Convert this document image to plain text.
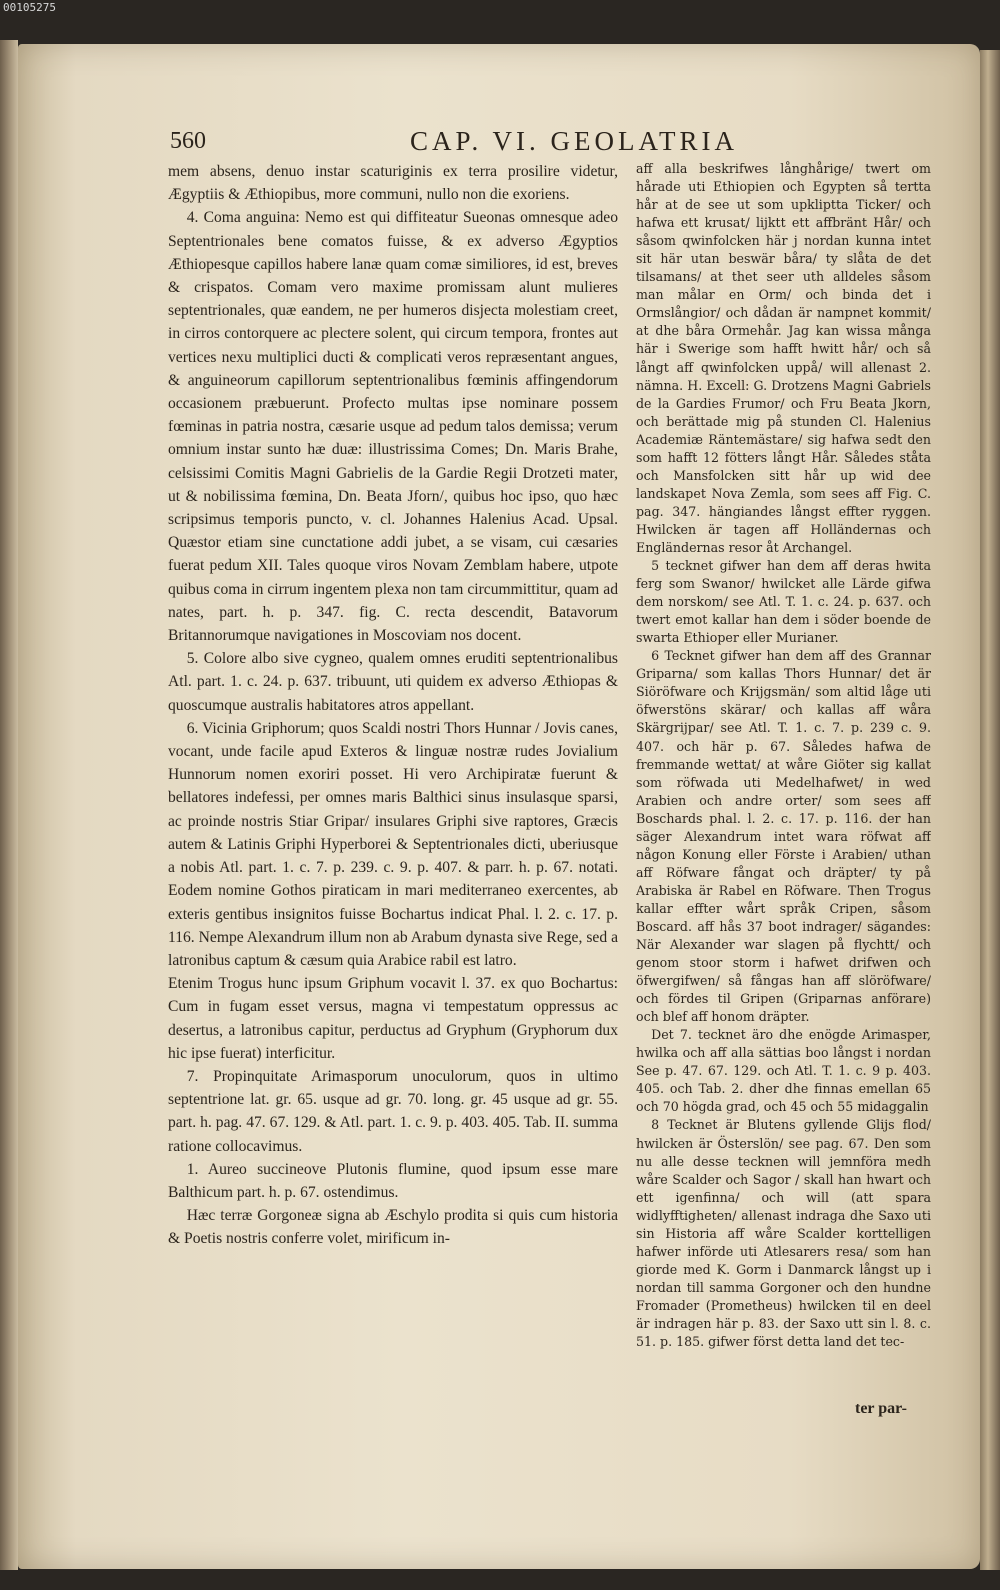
00105275
560	CAP. VI. GEOLATRIA

mem absens, denuo instar scaturiginis ex terra prosilire videtur, Ægyptiis & Æthiopibus, more communi, nullo non die exoriens.

4. Coma anguina: Nemo est qui diffiteatur Sueonas omnesque adeo Septentrionales bene comatos fuisse, & ex adverso Ægyptios Æthiopesque capillos habere lanæ quam comæ similiores, id est, breves & crispatos. Comam vero maxime promissam alunt mulieres septentrionales, quæ eandem, ne per humeros disjecta molestiam creet, in cirros contorquere ac plectere solent, qui circum tempora, frontes aut vertices nexu multiplici ducti & complicati veros repræsentant angues, & anguineorum capillorum septentrionalibus fœminis affingendorum occasionem præbuerunt. Profecto multas ipse nominare possem fœminas in patria nostra, cæsarie usque ad pedum talos demissa; verum omnium instar sunto hæ duæ: illustrissima Comes; Dn. Maris Brahe, celsissimi Comitis Magni Gabrielis de la Gardie Regii Drotzeti mater, ut & nobilissima fœmina, Dn. Beata Jforn/, quibus hoc ipso, quo hæc scripsimus temporis puncto, v. cl. Johannes Halenius Acad. Upsal. Quæstor etiam sine cunctatione addi jubet, a se visam, cui cæsaries fuerat pedum XII. Tales quoque viros Novam Zemblam habere, utpote quibus coma in cirrum ingentem plexa non tam circummittitur, quam ad nates, part. h. p. 347. fig. C. recta descendit, Batavorum Britannorumque navigationes in Moscoviam nos docent.

5. Colore albo sive cygneo, qualem omnes eruditi septentrionalibus Atl. part. 1. c. 24. p. 637. tribuunt, uti quidem ex adverso Æthiopas & quoscumque australis habitatores atros appellant.

6. Vicinia Griphorum; quos Scaldi nostri Thors Hunnar / Jovis canes, vocant, unde facile apud Exteros & linguæ nostræ rudes Jovialium Hunnorum nomen exoriri posset. Hi vero Archipiratæ fuerunt & bellatores indefessi, per omnes maris Balthici sinus insulasque sparsi, ac proinde nostris Stiar Gripar/ insulares Griphi sive raptores, Græcis autem & Latinis Griphi Hyperborei & Septentrionales dicti, uberiusque a nobis Atl. part. 1. c. 7. p. 239. c. 9. p. 407. & parr. h. p. 67. notati. Eodem nomine Gothos piraticam in mari mediterraneo exercentes, ab exteris gentibus insignitos fuisse Bochartus indicat Phal. l. 2. c. 17. p. 116. Nempe Alexandrum illum non ab Arabum dynasta sive Rege, sed a latronibus captum & cæsum quia Arabice rabil est latro.

Etenim Trogus hunc ipsum Griphum vocavit l. 37. ex quo Bochartus: Cum in fugam esset versus, magna vi tempestatum oppressus ac desertus, a latronibus capitur, perductus ad Gryphum (Gryphorum dux hic ipse fuerat) interficitur.

7. Propinquitate Arimasporum unoculorum, quos in ultimo septentrione lat. gr. 65. usque ad gr. 70. long. gr. 45 usque ad gr. 55. part. h. pag. 47. 67. 129. & Atl. part. 1. c. 9. p. 403. 405. Tab. II. summa ratione collocavimus.

1. Aureo succineove Plutonis flumine, quod ipsum esse mare Balthicum part. h. p. 67. ostendimus.

Hæc terræ Gorgoneæ signa ab Æschylo prodita si quis cum historia & Poetis nostris conferre volet, mirificum in-

aff alla beskrifwes långhårige/ twert om hårade uti Ethiopien och Egypten så tertta hår at de see ut som upkliptta Ticker/ och hafwa ett krusat/ lijktt ett affbränt Hår/ och såsom qwinfolcken här j nordan kunna intet sit här utan beswär båra/ ty slåta de det tilsamans/ at thet seer uth alldeles såsom man målar en Orm/ och binda det i Ormslångior/ och dådan är nampnet kommit/ at dhe båra Ormehår. Jag kan wissa många här i Swerige som hafft hwitt hår/ och så långt aff qwinfolcken uppå/ will allenast 2. nämna. H. Excell: G. Drotzens Magni Gabriels de la Gardies Frumor/ och Fru Beata Jkorn, och berättade mig på stunden Cl. Halenius Academiæ Räntemästare/ sig hafwa sedt den som hafft 12 fötters långt Hår. Således ståta och Mansfolcken sitt hår up wid dee landskapet Nova Zemla, som sees aff Fig. C. pag. 347. hängiandes långst effter ryggen. Hwilcken är tagen aff Holländernas och Engländernas resor åt Archangel.

5 tecknet gifwer han dem aff deras hwita ferg som Swanor/ hwilcket alle Lärde gifwa dem norskom/ see Atl. T. 1. c. 24. p. 637. och twert emot kallar han dem i söder boende de swarta Ethioper eller Murianer.

6 Tecknet gifwer han dem aff des Grannar Griparna/ som kallas Thors Hunnar/ det är Siöröfware och Krijgsmän/ som altid låge uti öfwerstöns skärar/ och kallas aff wåra Skärgrijpar/ see Atl. T. 1. c. 7. p. 239 c. 9. 407. och här p. 67. Således hafwa de fremmande wettat/ at wåre Giöter sig kallat som röfwada uti Medelhafwet/ in wed Arabien och andre orter/ som sees aff Boschards phal. l. 2. c. 17. p. 116. der han säger Alexandrum intet wara röfwat aff någon Konung eller Förste i Arabien/ uthan aff Röfware fångat och dräpter/ ty på Arabiska är Rabel en Röfware. Then Trogus kallar effter wårt språk Cripen, såsom Boscard. aff hås 37 boot indrager/ sägandes: När Alexander war slagen på flychtt/ och genom stoor storm i hafwet drifwen och öfwergifwen/ så fångas han aff slöröfware/ och fördes til Gripen (Griparnas anförare) och blef aff honom dräpter.

Det 7. tecknet äro dhe enögde Arimasper, hwilka och aff alla sättias boo långst i nordan See p. 47. 67. 129. och Atl. T. 1. c. 9 p. 403. 405. och Tab. 2. dher dhe finnas emellan 65 och 70 högda grad, och 45 och 55 midaggalin

8 Tecknet är Blutens gyllende Glijs flod/ hwilcken är Österslön/ see pag. 67. Den som nu alle desse tecknen will jemnföra medh wåre Scalder och Sagor / skall han hwart och ett igenfinna/ och will (att spara widlyfftigheten/ allenast indraga dhe Saxo uti sin Historia aff wåre Scalder korttelligen hafwer införde uti Atlesarers resa/ som han giorde med K. Gorm i Danmarck långst up i nordan till samma Gorgoner och den hundne Fromader (Prometheus) hwilcken til en deel är indragen här p. 83. der Saxo utt sin l. 8. c. 51. p. 185. gifwer först detta land det tec-

ter par-
